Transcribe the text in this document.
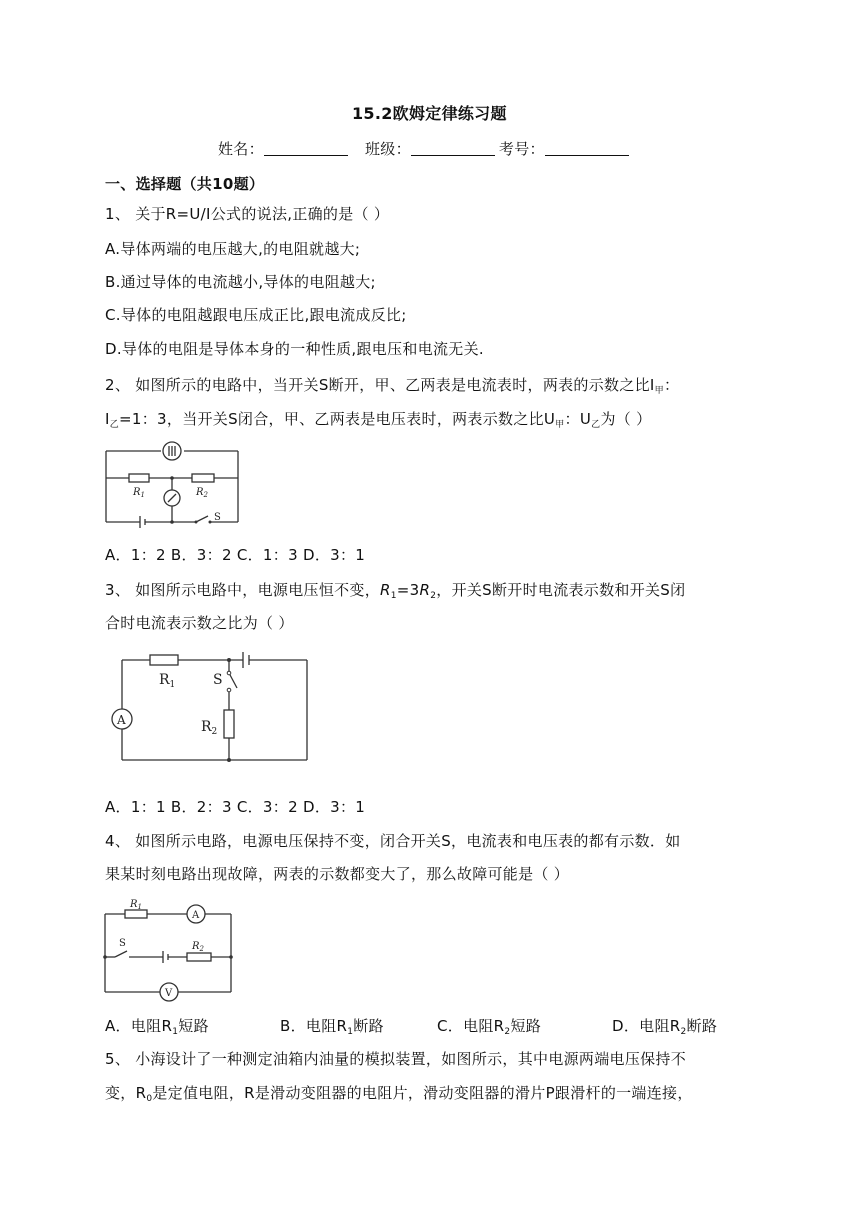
15.2欧姆定律练习题
姓名：	班级：	考号：
一、选择题（共10题）
1、 关于R=U/I公式的说法,正确的是（ ）
A.导体两端的电压越大,的电阻就越大;
B.通过导体的电流越小,导体的电阻越大;
C.导体的电阻越跟电压成正比,跟电流成反比;
D.导体的电阻是导体本身的一种性质,跟电压和电流无关.
2、 如图所示的电路中，当开关S断开，甲、乙两表是电流表时，两表的示数之比$I_甲$：
$I_乙=1$：3，当开关S闭合，甲、乙两表是电压表时，两表示数之比$U_甲$：$U_乙$为（ ）
$R_1$	$R_2$
S
A．1：2 B．3：2 C．1：3 D．3：1
3、 如图所示电路中，电源电压恒不变，$R_1=3R_2$，开关S断开时电流表示数和开关S闭
合时电流表示数之比为（ ）
$R_1$	S
A	$R_2$
A．1：1 B．2：3 C．3：2 D．3：1
4、 如图所示电路，电源电压保持不变，闭合开关S，电流表和电压表的都有示数．如
果某时刻电路出现故障，两表的示数都变大了，那么故障可能是（ ）
$R_1$
A
S	$R_2$
V
A．电阻$R_1$短路	B．电阻$R_1$断路	C．电阻$R_2$短路	D．电阻$R_2$断路
5、 小海设计了一种测定油箱内油量的模拟装置，如图所示，其中电源两端电压保持不
变，$R_0$是定值电阻，R是滑动变阻器的电阻片，滑动变阻器的滑片P跟滑杆的一端连接，
